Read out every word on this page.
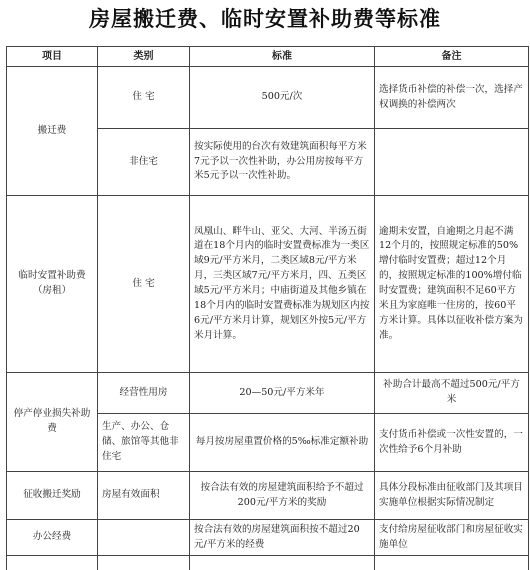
房屋搬迁费、临时安置补助费等标准
项目	类别	标准	备注
搬迁费	住 宅	500元/次	选择货币补偿的补偿一次，选择产权调换的补偿两次
	非住宅	按实际使用的台次有效建筑面积每平方米7元予以一次性补助，办公用房按每平方米5元予以一次性补助。	
临时安置补助费（房租）	住 宅	凤凰山、畔牛山、亚父、大河、半汤五街道在18个月内的临时安置费标准为一类区域9元/平方米月，二类区域8元/平方米月，三类区域7元/平方米月，四、五类区域5元/平方米月；中庙街道及其他乡镇在18个月内的临时安置费标准为规划区内按6元/平方米月计算，规划区外按5元/平方米月计算。	逾期未安置，自逾期之月起不满12个月的，按照规定标准的50%增付临时安置费；超过12个月的，按照规定标准的100%增付临时安置费；建筑面积不足60平方米且为家庭唯一住房的，按60平方米计算。具体以征收补偿方案为准。
停产停业损失补助费	经营性用房	20—50元/平方米年	补助合计最高不超过500元/平方米
	生产、办公、仓储、旅馆等其他非住宅	每月按房屋重置价格的5‰标准定额补助	支付货币补偿或一次性安置的，一次性给予6个月补助
征收搬迁奖励	房屋有效面积	按合法有效的房屋建筑面积给予不超过200元/平方米的奖励	具体分段标准由征收部门及其项目实施单位根据实际情况制定
办公经费		按合法有效的房屋建筑面积按不超过20元/平方米的经费	支付给房屋征收部门和房屋征收实施单位
